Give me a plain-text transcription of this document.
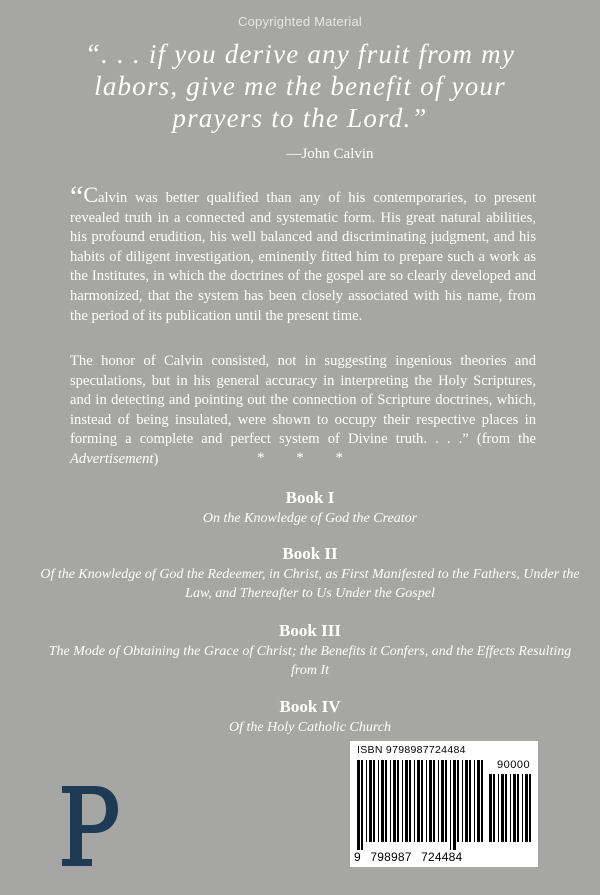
Copyrighted Material
“. . . if you derive any fruit from my
labors, give me the benefit of your
prayers to the Lord.”
—John Calvin
“Calvin was better qualified than any of his contemporaries, to present revealed truth in a connected and systematic form. His great natural abilities, his profound erudition, his well balanced and discriminating judgment, and his habits of diligent investigation, eminently fitted him to prepare such a work as the Institutes, in which the doctrines of the gospel are so clearly developed and harmonized, that the system has been closely associated with his name, from the period of its publication until the present time.
The honor of Calvin consisted, not in suggesting ingenious theories and speculations, but in his general accuracy in interpreting the Holy Scriptures, and in detecting and pointing out the connection of Scripture doctrines, which, instead of being insulated, were shown to occupy their respective places in forming a complete and perfect system of Divine truth. . . .” (from the Advertisement)	* * *
Book I
On the Knowledge of God the Creator
Book II
Of the Knowledge of God the Redeemer, in Christ, as First Manifested to the Fathers, Under the Law, and Thereafter to Us Under the Gospel
Book III
The Mode of Obtaining the Grace of Christ; the Benefits it Confers, and the Effects Resulting from It
Book IV
Of the Holy Catholic Church
ISBN 9798987724484
90000
9 798987 724484
